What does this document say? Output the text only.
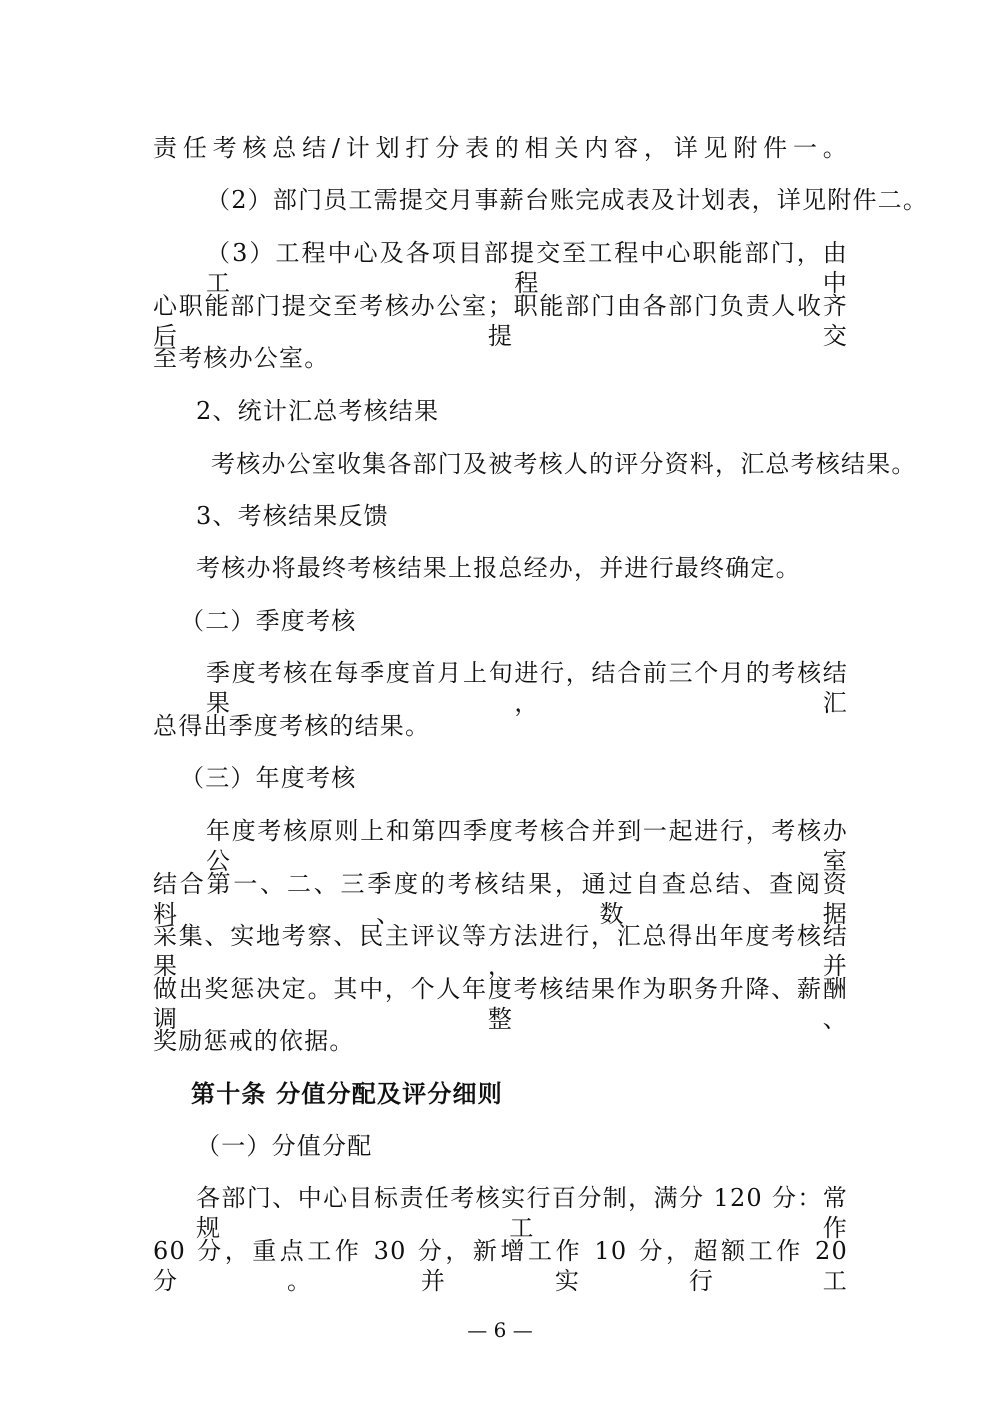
责任考核总结/计划打分表的相关内容，详见附件一。
（2）部门员工需提交月事薪台账完成表及计划表，详见附件二。
（3）工程中心及各项目部提交至工程中心职能部门，由工程中
心职能部门提交至考核办公室；职能部门由各部门负责人收齐后提交
至考核办公室。
2、统计汇总考核结果
考核办公室收集各部门及被考核人的评分资料，汇总考核结果。
3、考核结果反馈
考核办将最终考核结果上报总经办，并进行最终确定。
（二）季度考核
季度考核在每季度首月上旬进行，结合前三个月的考核结果，汇
总得出季度考核的结果。
（三）年度考核
年度考核原则上和第四季度考核合并到一起进行，考核办公室
结合第一、二、三季度的考核结果，通过自查总结、查阅资料、数据
采集、实地考察、民主评议等方法进行，汇总得出年度考核结果，并
做出奖惩决定。其中，个人年度考核结果作为职务升降、薪酬调整、
奖励惩戒的依据。
第十条 分值分配及评分细则
（一）分值分配
各部门、中心目标责任考核实行百分制，满分 120 分：常规工作
60 分，重点工作 30 分，新增工作 10 分，超额工作 20 分。并实行工
— 6 —
